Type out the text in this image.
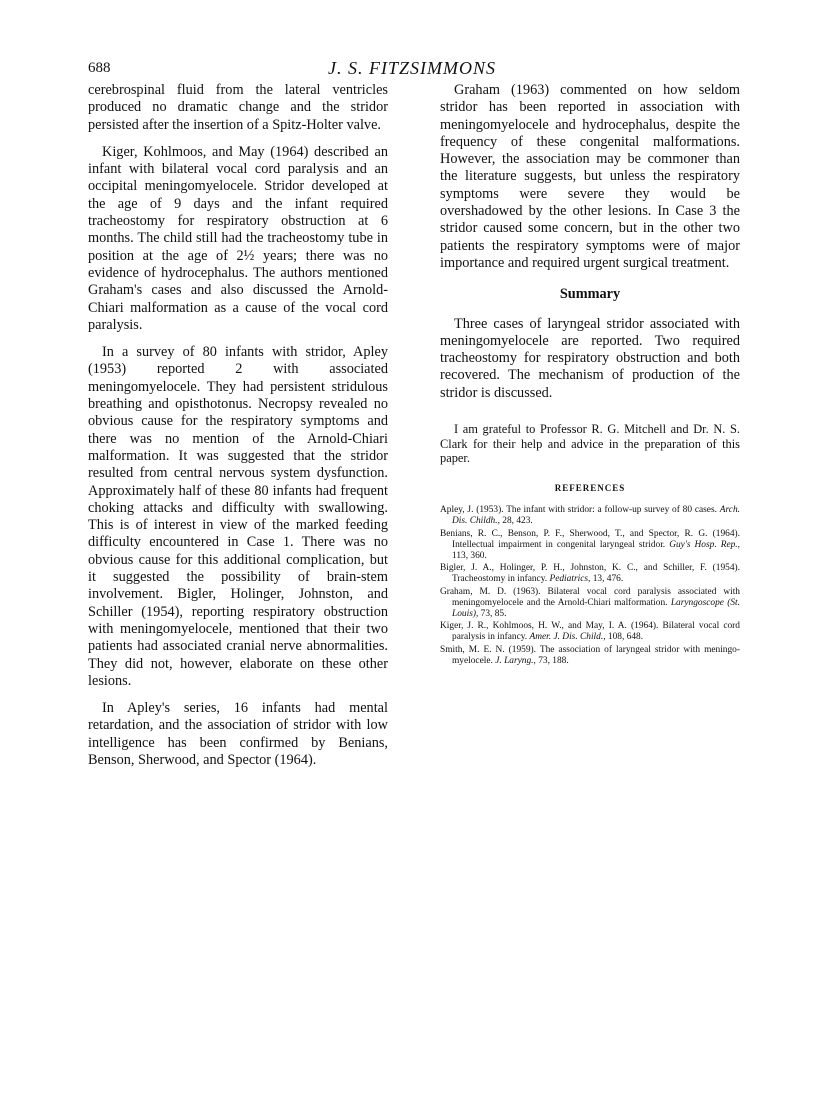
688	J. S. FITZSIMMONS

cerebrospinal fluid from the lateral ventricles produced no dramatic change and the stridor persisted after the insertion of a Spitz-Holter valve.

Kiger, Kohlmoos, and May (1964) described an infant with bilateral vocal cord paralysis and an occipital meningomyelocele. Stridor developed at the age of 9 days and the infant required tracheostomy for respiratory obstruction at 6 months. The child still had the tracheostomy tube in position at the age of 2½ years; there was no evidence of hydrocephalus. The authors mentioned Graham's cases and also discussed the Arnold-Chiari malformation as a cause of the vocal cord paralysis.

In a survey of 80 infants with stridor, Apley (1953) reported 2 with associated meningomyelocele. They had persistent stridulous breathing and opisthotonus. Necropsy revealed no obvious cause for the respiratory symptoms and there was no mention of the Arnold-Chiari malformation. It was suggested that the stridor resulted from central nervous system dysfunction. Approximately half of these 80 infants had frequent choking attacks and difficulty with swallowing. This is of interest in view of the marked feeding difficulty encountered in Case 1. There was no obvious cause for this additional complication, but it suggested the possibility of brain-stem involvement. Bigler, Holinger, Johnston, and Schiller (1954), reporting respiratory obstruction with meningomyelocele, mentioned that their two patients had associated cranial nerve abnormalities. They did not, however, elaborate on these other lesions.

In Apley's series, 16 infants had mental retardation, and the association of stridor with low intelligence has been confirmed by Benians, Benson, Sherwood, and Spector (1964).

Graham (1963) commented on how seldom stridor has been reported in association with meningomyelocele and hydrocephalus, despite the frequency of these congenital malformations. However, the association may be commoner than the literature suggests, but unless the respiratory symptoms were severe they would be overshadowed by the other lesions. In Case 3 the stridor caused some concern, but in the other two patients the respiratory symptoms were of major importance and required urgent surgical treatment.

Summary

Three cases of laryngeal stridor associated with meningomyelocele are reported. Two required tracheostomy for respiratory obstruction and both recovered. The mechanism of production of the stridor is discussed.

I am grateful to Professor R. G. Mitchell and Dr. N. S. Clark for their help and advice in the preparation of this paper.
REFERENCES
Apley, J. (1953). The infant with stridor: a follow-up survey of 80 cases. Arch. Dis. Childh., 28, 423.
Benians, R. C., Benson, P. F., Sherwood, T., and Spector, R. G. (1964). Intellectual impairment in congenital laryngeal stridor. Guy's Hosp. Rep., 113, 360.
Bigler, J. A., Holinger, P. H., Johnston, K. C., and Schiller, F. (1954). Tracheostomy in infancy. Pediatrics, 13, 476.
Graham, M. D. (1963). Bilateral vocal cord paralysis associated with meningomyelocele and the Arnold-Chiari malformation. Laryngoscope (St. Louis), 73, 85.
Kiger, J. R., Kohlmoos, H. W., and May, I. A. (1964). Bilateral vocal cord paralysis in infancy. Amer. J. Dis. Child., 108, 648.
Smith, M. E. N. (1959). The association of laryngeal stridor with meningo-myelocele. J. Laryng., 73, 188.
